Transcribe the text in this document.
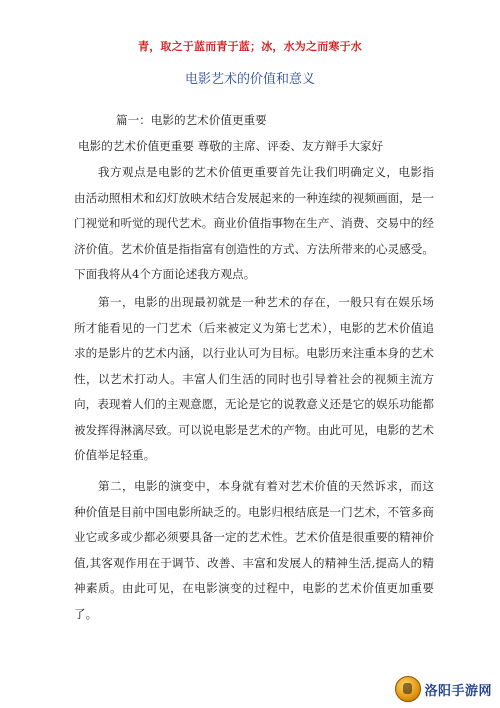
青，取之于蓝而青于蓝；冰，水为之而寒于水
电影艺术的价值和意义
篇一：电影的艺术价值更重要
电影的艺术价值更重要 尊敬的主席、评委、友方辩手大家好

我方观点是电影的艺术价值更重要首先让我们明确定义，电影指由活动照相术和幻灯放映术结合发展起来的一种连续的视频画面，是一门视觉和听觉的现代艺术。商业价值指事物在生产、消费、交易中的经济价值。艺术价值是指指富有创造性的方式、方法所带来的心灵感受。下面我将从4个方面论述我方观点。

第一，电影的出现最初就是一种艺术的存在，一般只有在娱乐场所才能看见的一门艺术（后来被定义为第七艺术），电影的艺术价值追求的是影片的艺术内涵，以行业认可为目标。电影历来注重本身的艺术性，以艺术打动人。丰富人们生活的同时也引导着社会的视频主流方向，表现着人们的主观意愿，无论是它的说教意义还是它的娱乐功能都被发挥得淋漓尽致。可以说电影是艺术的产物。由此可见，电影的艺术价值举足轻重。

第二，电影的演变中，本身就有着对艺术价值的天然诉求，而这种价值是目前中国电影所缺乏的。电影归根结底是一门艺术，不管多商业它或多或少都必须要具备一定的艺术性。艺术价值是很重要的精神价值,其客观作用在于调节、改善、丰富和发展人的精神生活,提高人的精神素质。由此可见，在电影演变的过程中，电影的艺术价值更加重要了。

洛阳手游网
